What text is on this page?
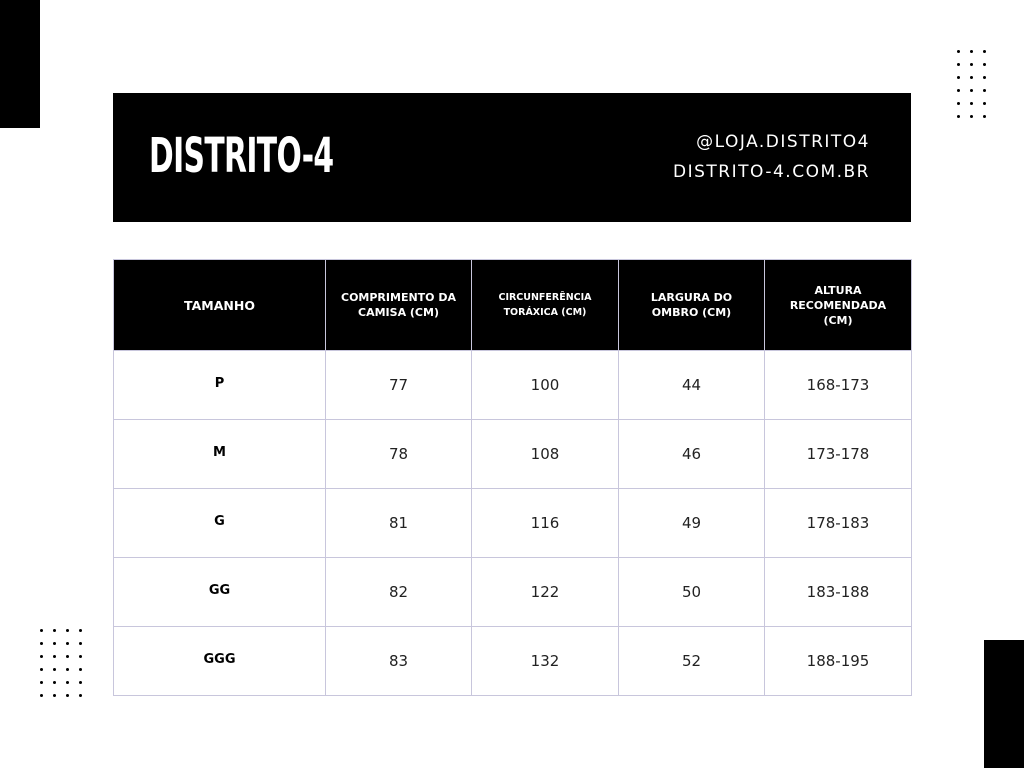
DISTRITO-4	@LOJA.DISTRITO4
DISTRITO-4.COM.BR
TAMANHO	COMPRIMENTO DA CAMISA (CM)	CIRCUNFERÊNCIA TORÁXICA (CM)	LARGURA DO OMBRO (CM)	ALTURA RECOMENDADA (CM)
P	77	100	44	168-173
M	78	108	46	173-178
G	81	116	49	178-183
GG	82	122	50	183-188
GGG	83	132	52	188-195
